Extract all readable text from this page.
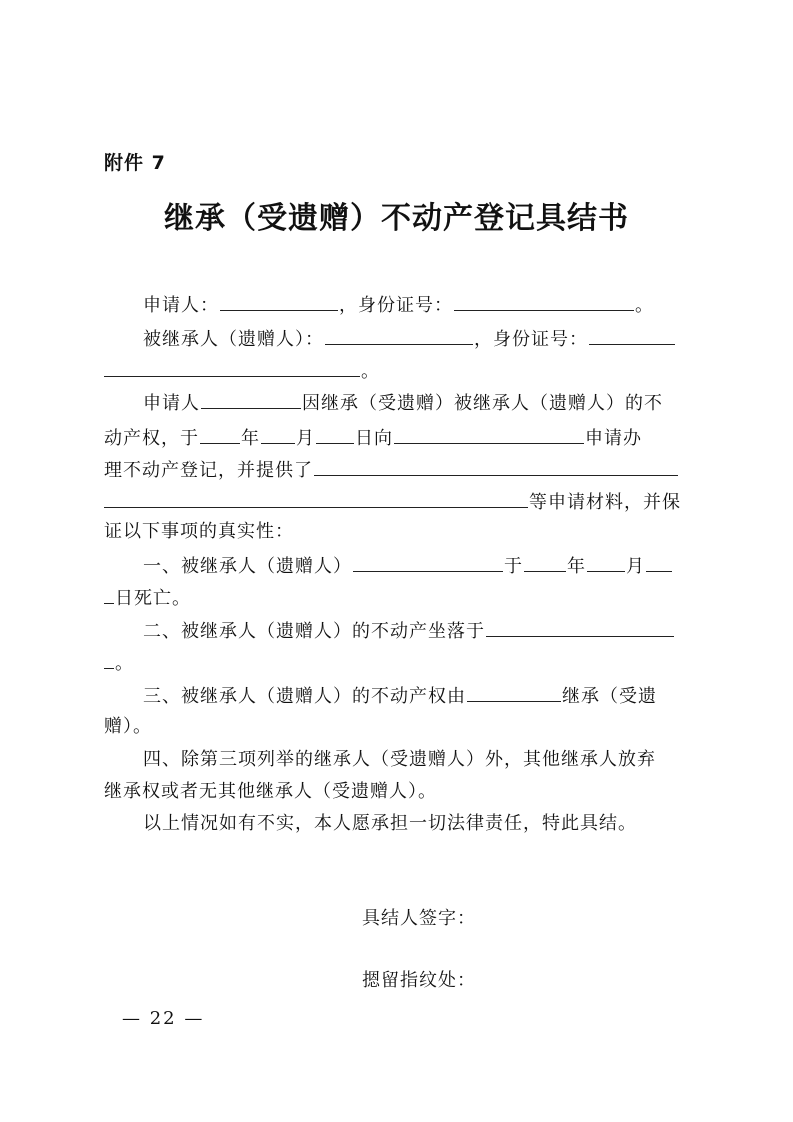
附件 7
继承（受遗赠）不动产登记具结书
申请人：	，身份证号：	。
被继承人（遗赠人）：	，身份证号：
。
申请人	因继承（受遗赠）被继承人（遗赠人）的不
动产权，于 年 月 日向	申请办
理不动产登记，并提供了
等申请材料，并保
证以下事项的真实性：
一、被继承人（遗赠人）	于 年 月
日死亡。
二、被继承人（遗赠人）的不动产坐落于
。
三、被继承人（遗赠人）的不动产权由	继承（受遗
赠）。
四、除第三项列举的继承人（受遗赠人）外，其他继承人放弃
继承权或者无其他继承人（受遗赠人）。
以上情况如有不实，本人愿承担一切法律责任，特此具结。
具结人签字：
摁留指纹处：
— 22 —
